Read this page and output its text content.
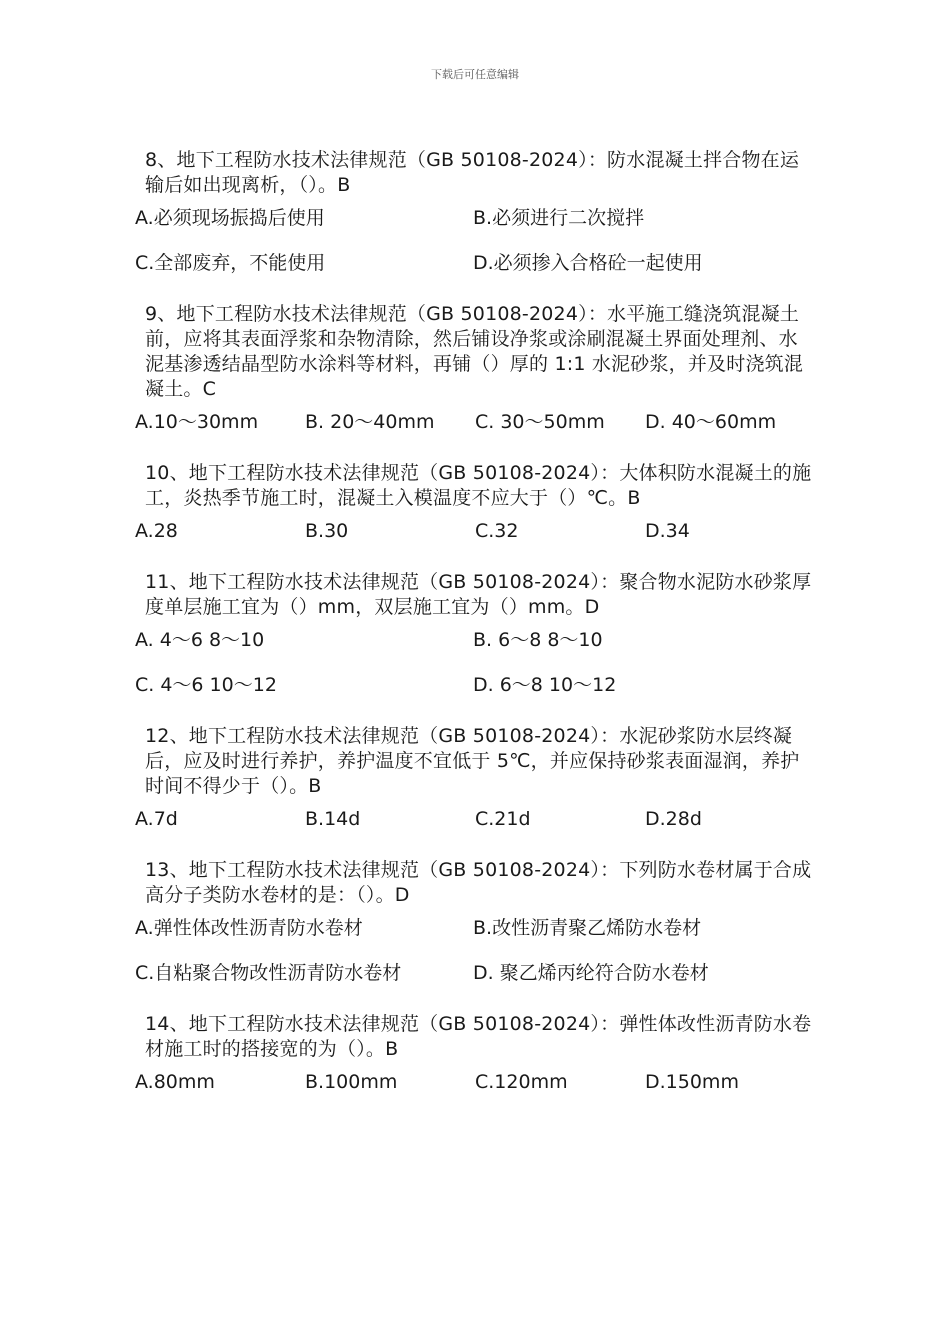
下载后可任意编辑

8、地下工程防水技术法律规范（GB 50108-2024）：防水混凝土拌合物在运输后如出现离析，（）。B

A.必须现场振捣后使用	B.必须进行二次搅拌
C.全部废弃，不能使用	D.必须掺入合格砼一起使用

9、地下工程防水技术法律规范（GB 50108-2024）：水平施工缝浇筑混凝土前，应将其表面浮浆和杂物清除，然后铺设净浆或涂刷混凝土界面处理剂、水泥基渗透结晶型防水涂料等材料，再铺（）厚的 1:1 水泥砂浆，并及时浇筑混凝土。C

A.10～30mm	B. 20～40mm	C. 30～50mm	D. 40～60mm

10、地下工程防水技术法律规范（GB 50108-2024）：大体积防水混凝土的施工，炎热季节施工时，混凝土入模温度不应大于（）℃。B

A.28	B.30	C.32	D.34

11、地下工程防水技术法律规范（GB 50108-2024）：聚合物水泥防水砂浆厚度单层施工宜为（）mm，双层施工宜为（）mm。D

A. 4～6 8～10	B. 6～8 8～10
C. 4～6 10～12	D. 6～8 10～12

12、地下工程防水技术法律规范（GB 50108-2024）：水泥砂浆防水层终凝后，应及时进行养护，养护温度不宜低于 5℃，并应保持砂浆表面湿润，养护时间不得少于（）。B

A.7d	B.14d	C.21d	D.28d

13、地下工程防水技术法律规范（GB 50108-2024）：下列防水卷材属于合成高分子类防水卷材的是：（）。D

A.弹性体改性沥青防水卷材	B.改性沥青聚乙烯防水卷材
C.自粘聚合物改性沥青防水卷材	D. 聚乙烯丙纶符合防水卷材

14、地下工程防水技术法律规范（GB 50108-2024）：弹性体改性沥青防水卷材施工时的搭接宽的为（）。B

A.80mm	B.100mm	C.120mm	D.150mm
